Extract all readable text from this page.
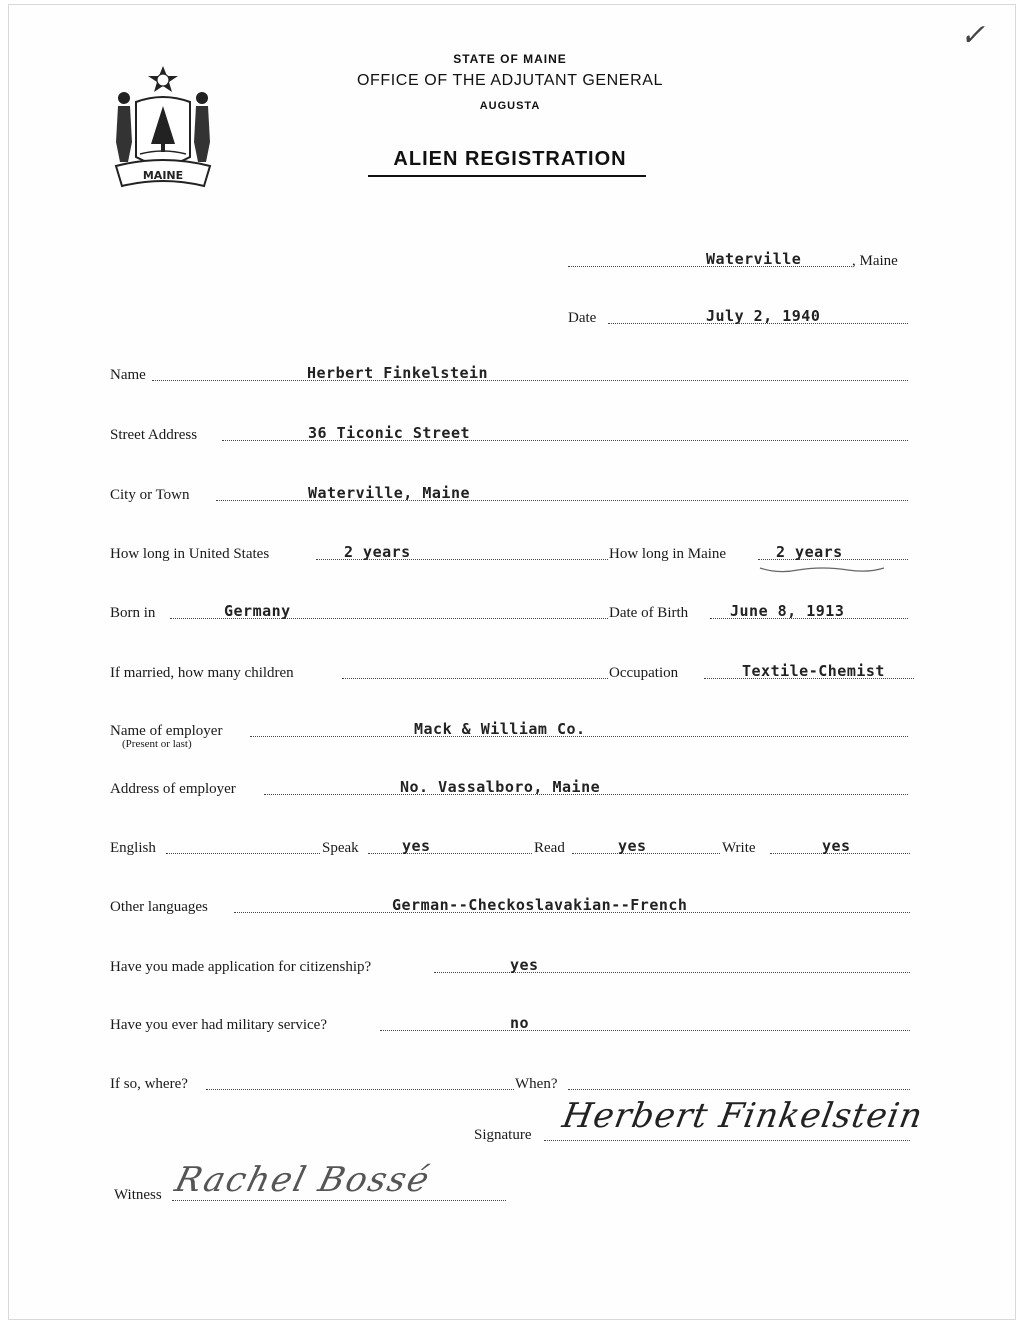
MAINE
✓
STATE OF MAINE
OFFICE OF THE ADJUTANT GENERAL
AUGUSTA
ALIEN REGISTRATION
Waterville	, Maine
Date	July 2, 1940
Name	Herbert Finkelstein
Street Address	36 Ticonic Street
City or Town	Waterville, Maine
How long in United States	2 years	How long in Maine	2 years
Born in	Germany	Date of Birth	June 8, 1913
If married, how many children	Occupation	Textile-Chemist
Name of employer	Mack & William Co.
(Present or last)
Address of employer	No. Vassalboro, Maine
English	Speak	yes	Read	yes	Write	yes
Other languages	German--Checkoslavakian--French
Have you made application for citizenship?	yes
Have you ever had military service?	no
If so, where?	When?
Signature Herbert Finkelstein
Witness Rachel Bossé
